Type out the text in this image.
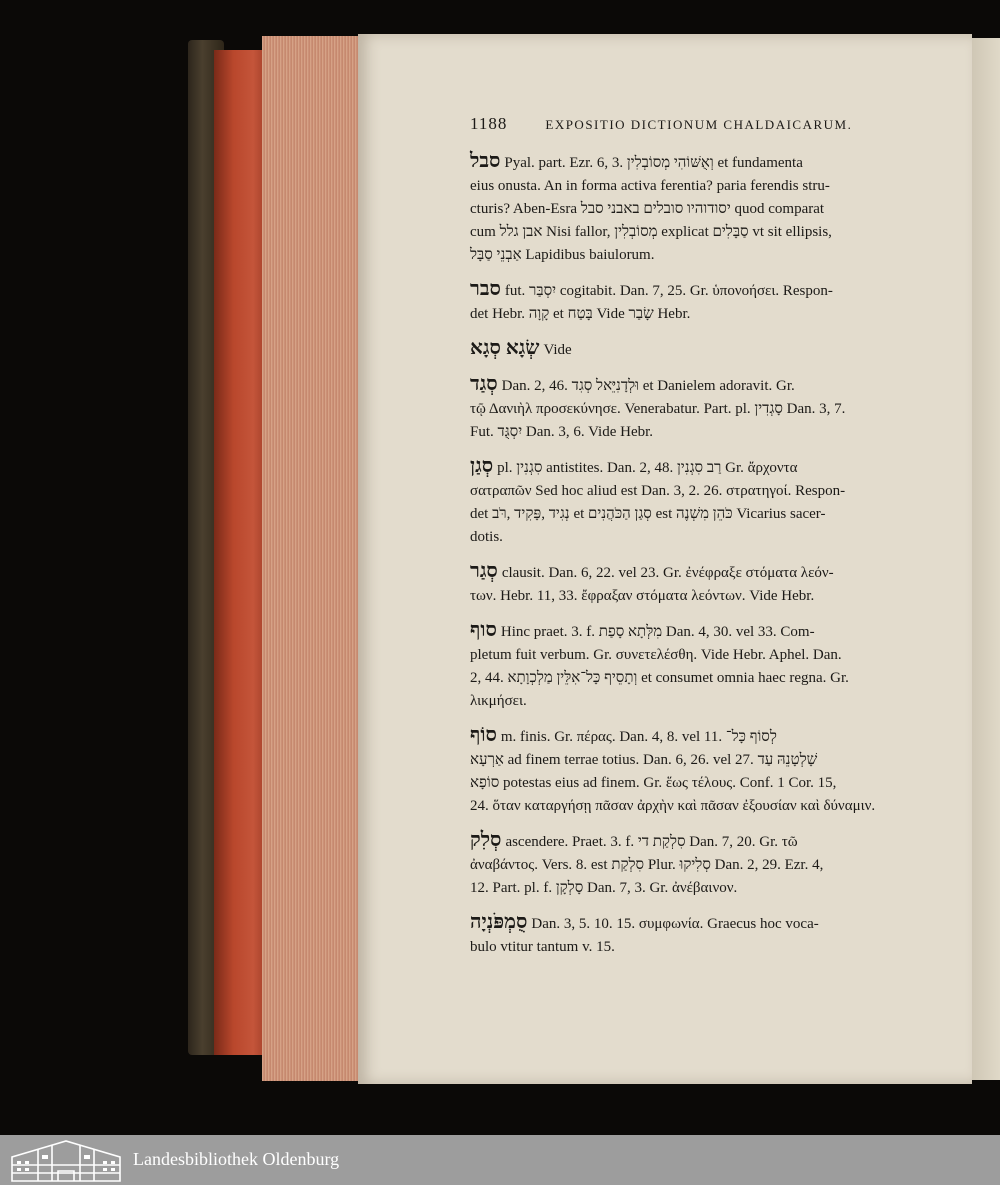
1188	EXPOSITIO DICTIONUM CHALDAICARUM.

סבל Pyal. part. Ezr. 6, 3. וְאֻשּׁוֹהִי מְסוֹבְלִין et fundamenta

eius onusta. An in forma activa ferentia? paria ferendis stru-

cturis? Aben-Esra יסודוהיו סובלים באבני סבל quod comparat

cum אבן גלל Nisi fallor, מְסוֹבְלִין explicat סַבָּלִים vt sit ellipsis,

אַבְנֵי סַבָּל Lapidibus baiulorum.

סבר fut. יִסְבַּר cogitabit. Dan. 7, 25. Gr. ὑπονοήσει. Respon-

det Hebr. קָוָה et בָּטַח Vide שָׂבַר Hebr.

שְׂגָא סְגָא Vide

סְגַד Dan. 2, 46. וּלְדָנִיֵּאל סְגִד et Danielem adoravit. Gr.

τῷ Δανιὴλ προσεκύνησε. Venerabatur. Part. pl. סָגְדִין Dan. 3, 7.

Fut. יִסְגֻּד Dan. 3, 6. Vide Hebr.

סְגַן pl. סִגְנִין antistites. Dan. 2, 48. רַב סִגְנִין Gr. ἄρχοντα

σατραπῶν Sed hoc aliud est Dan. 3, 2. 26. στρατηγοί. Respon-

det נְגִיד ,פָּקִיד ,רֹּב et סְגַן הַכֹּהֲנִים est כֹּהֵן מִשְׁנֶה Vicarius sacer-

dotis.

סְגַר clausit. Dan. 6, 22. vel 23. Gr. ἐνέφραξε στόματα λεόν-

των. Hebr. 11, 33. ἔφραξαν στόματα λεόντων. Vide Hebr.

סוף Hinc praet. 3. f. מִלְּתָא סָפַת Dan. 4, 30. vel 33. Com-

pletum fuit verbum. Gr. συνετελέσθη. Vide Hebr. Aphel. Dan.

2, 44. וְתָסֵיף כָּל־אִלֵּין מַלְכְוָתָא et consumet omnia haec regna. Gr.

λικμήσει.

סוֹף m. finis. Gr. πέρας. Dan. 4, 8. vel 11. לְסוֹף כָּל־

אַרְעָא ad finem terrae totius. Dan. 6, 26. vel 27. שָׁלְטָנֵהּ עַד

סוֹפָא potestas eius ad finem. Gr. ἕως τέλους. Conf. 1 Cor. 15,

24. ὅταν καταργήσῃ πᾶσαν ἀρχὴν καὶ πᾶσαν ἐξουσίαν καὶ δύναμιν.

סְלִק ascendere. Praet. 3. f. סִלְקַת די Dan. 7, 20. Gr. τῶ

ἀναβάντος. Vers. 8. est סִלְקַת Plur. סְלִיקוּ Dan. 2, 29. Ezr. 4,

12. Part. pl. f. סָלְקָן Dan. 7, 3. Gr. ἀνέβαινον.

סֻמְפֹּנְיָה Dan. 3, 5. 10. 15. συμφωνία. Graecus hoc voca-

bulo vtitur tantum v. 15.

Landesbibliothek Oldenburg
